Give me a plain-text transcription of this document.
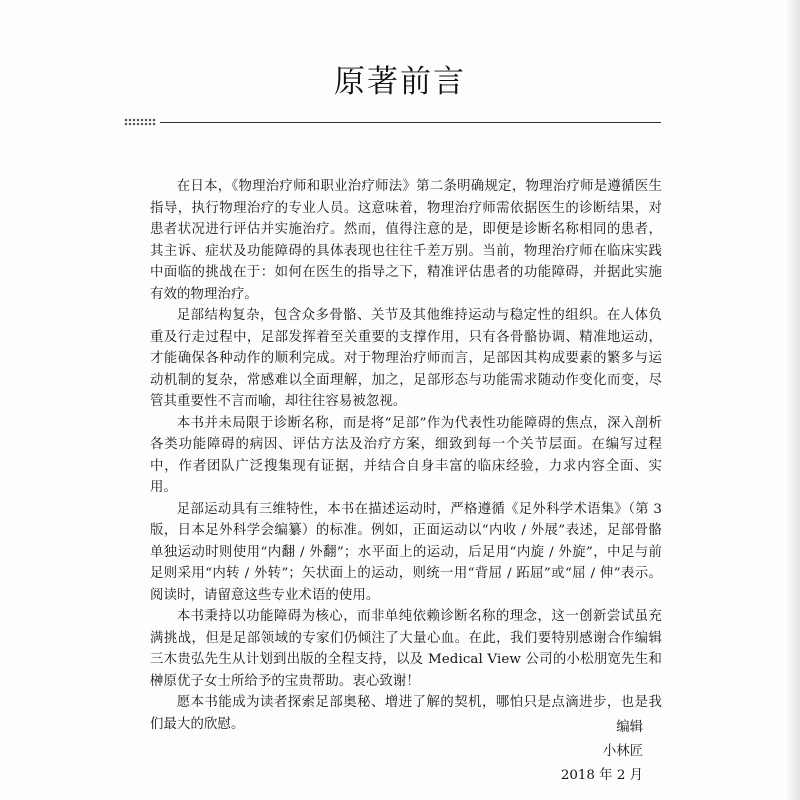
原著前言

在日本，《物理治疗师和职业治疗师法》第二条明确规定，物理治疗师是遵循医生指导，执行物理治疗的专业人员。这意味着，物理治疗师需依据医生的诊断结果，对患者状况进行评估并实施治疗。然而，值得注意的是，即便是诊断名称相同的患者，其主诉、症状及功能障碍的具体表现也往往千差万别。当前，物理治疗师在临床实践中面临的挑战在于：如何在医生的指导之下，精准评估患者的功能障碍，并据此实施有效的物理治疗。

足部结构复杂，包含众多骨骼、关节及其他维持运动与稳定性的组织。在人体负重及行走过程中，足部发挥着至关重要的支撑作用，只有各骨骼协调、精准地运动，才能确保各种动作的顺利完成。对于物理治疗师而言，足部因其构成要素的繁多与运动机制的复杂，常感难以全面理解，加之，足部形态与功能需求随动作变化而变，尽管其重要性不言而喻，却往往容易被忽视。

本书并未局限于诊断名称，而是将“足部”作为代表性功能障碍的焦点，深入剖析各类功能障碍的病因、评估方法及治疗方案，细致到每一个关节层面。在编写过程中，作者团队广泛搜集现有证据，并结合自身丰富的临床经验，力求内容全面、实用。

足部运动具有三维特性，本书在描述运动时，严格遵循《足外科学术语集》（第 3 版，日本足外科学会编纂）的标准。例如，正面运动以“内收 / 外展”表述，足部骨骼单独运动时则使用“内翻 / 外翻”；水平面上的运动，后足用“内旋 / 外旋”，中足与前足则采用“内转 / 外转”；矢状面上的运动，则统一用“背屈 / 跖屈”或“屈 / 伸”表示。阅读时，请留意这些专业术语的使用。

本书秉持以功能障碍为核心，而非单纯依赖诊断名称的理念，这一创新尝试虽充满挑战，但是足部领域的专家们仍倾注了大量心血。在此，我们要特别感谢合作编辑三木贵弘先生从计划到出版的全程支持，以及 Medical View 公司的小松朋宽先生和榊原优子女士所给予的宝贵帮助。衷心致谢！

愿本书能成为读者探索足部奥秘、增进了解的契机，哪怕只是点滴进步，也是我们最大的欣慰。	编辑
小林匠
2018 年 2 月
